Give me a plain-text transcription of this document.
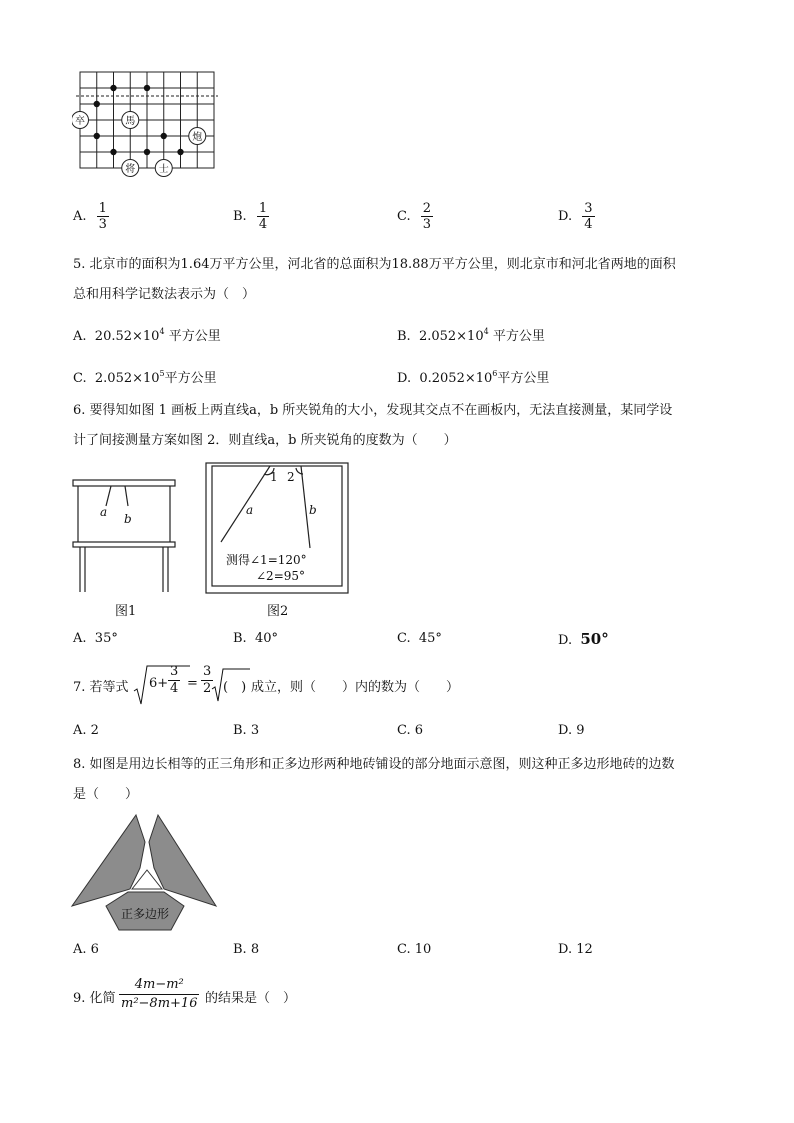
卒	馬
炮
将 士
A. $\frac{1}{3}$	B. $\frac{1}{4}$	C. $\frac{2}{3}$	D. $\frac{3}{4}$
5. 北京市的面积为1.64万平方公里，河北省的总面积为18.88万平方公里，则北京市和河北省两地的面积
总和用科学记数法表示为（　）
A. $20.52\times 10^4$ 平方公里	B. $2.052\times 10^4$ 平方公里
C. $2.052\times 10^5$平方公里	D. $0.2052\times 10^6$平方公里
6. 要得知如图 1 画板上两直线a，b 所夹锐角的大小，发现其交点不在画板内，无法直接测量，某同学设
计了间接测量方案如图 2．则直线a，b 所夹锐角的度数为（　　）
a b
图1
1 2
a	b
测得∠1=120°
∠2=95°
图2
A. 35°	B. 40°	C. 45°	D. 50°
7. 若等式 6+
3
4 =
3
2 (　) 成立，则（　　）内的数为（　　）
A. 2	B. 3	C. 6	D. 9
8. 如图是用边长相等的正三角形和正多边形两种地砖铺设的部分地面示意图，则这种正多边形地砖的边数
是（　　）
正多边形
A. 6	B. 8	C. 10	D. 12
9. 化简
4m−m²
m²−8m+16 的结果是（　）
